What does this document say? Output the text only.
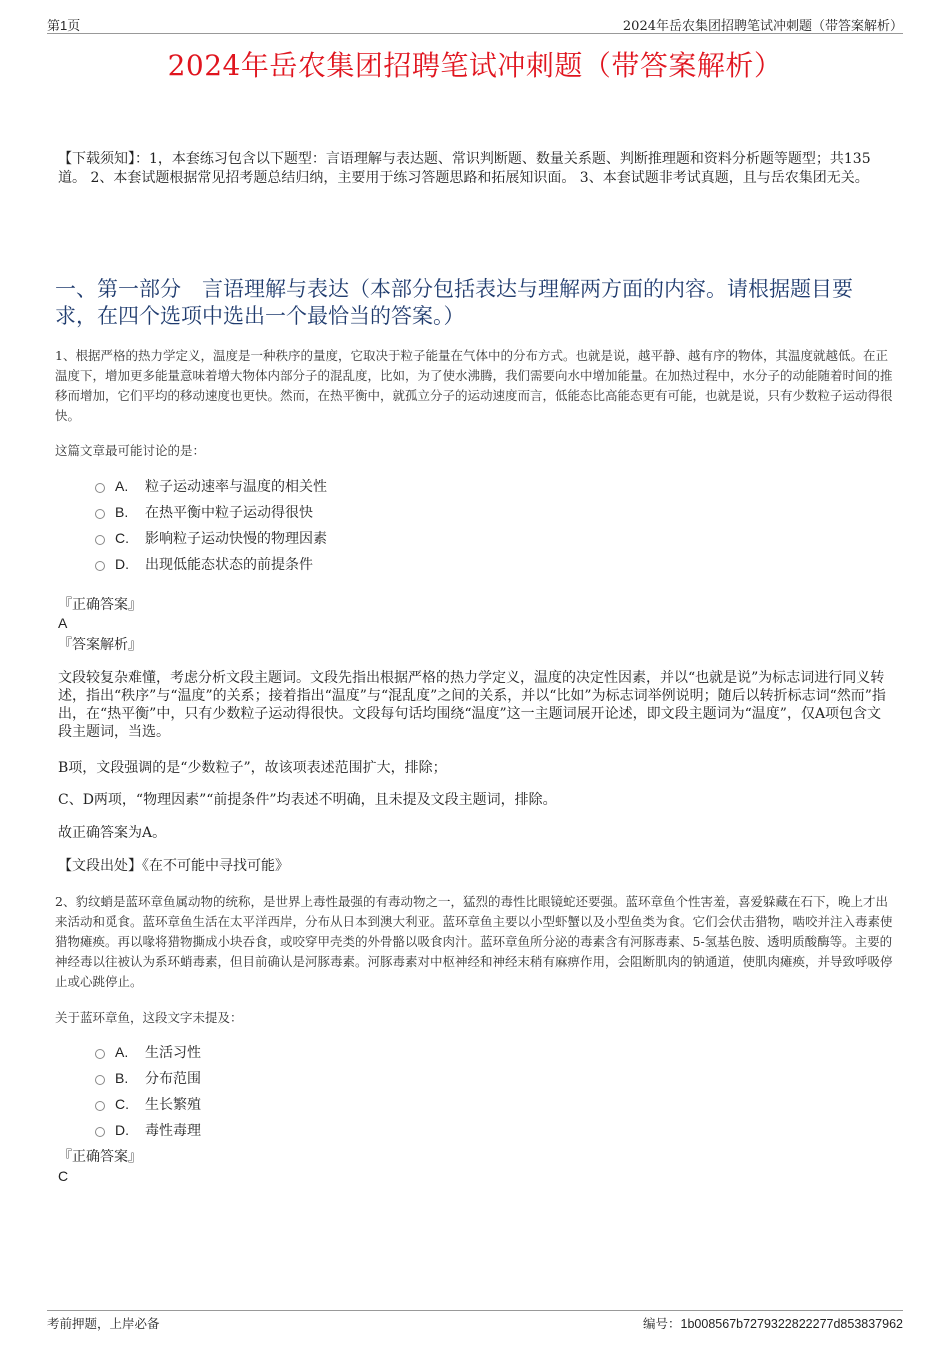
第1页	2024年岳农集团招聘笔试冲刺题（带答案解析）
2024年岳农集团招聘笔试冲刺题（带答案解析）
【下载须知】：1，本套练习包含以下题型：言语理解与表达题、常识判断题、数量关系题、判断推理题和资料分析题等题型；共135道。 2、本套试题根据常见招考题总结归纳，主要用于练习答题思路和拓展知识面。 3、本套试题非考试真题，且与岳农集团无关。
一、第一部分　言语理解与表达（本部分包括表达与理解两方面的内容。请根据题目要求，在四个选项中选出一个最恰当的答案。）
1、根据严格的热力学定义，温度是一种秩序的量度，它取决于粒子能量在气体中的分布方式。也就是说，越平静、越有序的物体，其温度就越低。在正温度下，增加更多能量意味着增大物体内部分子的混乱度，比如，为了使水沸腾，我们需要向水中增加能量。在加热过程中，水分子的动能随着时间的推移而增加，它们平均的移动速度也更快。然而，在热平衡中，就孤立分子的运动速度而言，低能态比高能态更有可能，也就是说，只有少数粒子运动得很快。
这篇文章最可能讨论的是：
A.	粒子运动速率与温度的相关性
B.	在热平衡中粒子运动得很快
C.	影响粒子运动快慢的物理因素
D.	出现低能态状态的前提条件
『正确答案』
A
『答案解析』
文段较复杂难懂，考虑分析文段主题词。文段先指出根据严格的热力学定义，温度的决定性因素，并以“也就是说”为标志词进行同义转述，指出“秩序”与“温度”的关系；接着指出“温度”与“混乱度”之间的关系，并以“比如”为标志词举例说明；随后以转折标志词“然而”指出，在“热平衡”中，只有少数粒子运动得很快。文段每句话均围绕“温度”这一主题词展开论述，即文段主题词为“温度”，仅A项包含文段主题词，当选。
B项，文段强调的是“少数粒子”，故该项表述范围扩大，排除；
C、D两项，“物理因素”“前提条件”均表述不明确，且未提及文段主题词，排除。
故正确答案为A。
【文段出处】《在不可能中寻找可能》
2、豹纹蛸是蓝环章鱼属动物的统称，是世界上毒性最强的有毒动物之一，猛烈的毒性比眼镜蛇还要强。蓝环章鱼个性害羞，喜爱躲藏在石下，晚上才出来活动和觅食。蓝环章鱼生活在太平洋西岸，分布从日本到澳大利亚。蓝环章鱼主要以小型虾蟹以及小型鱼类为食。它们会伏击猎物，啮咬并注入毒素使猎物瘫痪。再以喙将猎物撕成小块吞食，或咬穿甲壳类的外骨骼以吸食肉汁。蓝环章鱼所分泌的毒素含有河豚毒素、5-氢基色胺、透明质酸酶等。主要的神经毒以往被认为系环蛸毒素，但目前确认是河豚毒素。河豚毒素对中枢神经和神经末稍有麻痹作用，会阻断肌肉的钠通道，使肌肉瘫痪，并导致呼吸停止或心跳停止。
关于蓝环章鱼，这段文字未提及：
A.	生活习性
B.	分布范围
C.	生长繁殖
D.	毒性毒理
『正确答案』
C
考前押题，上岸必备	编号：1b008567b7279322822277d853837962
